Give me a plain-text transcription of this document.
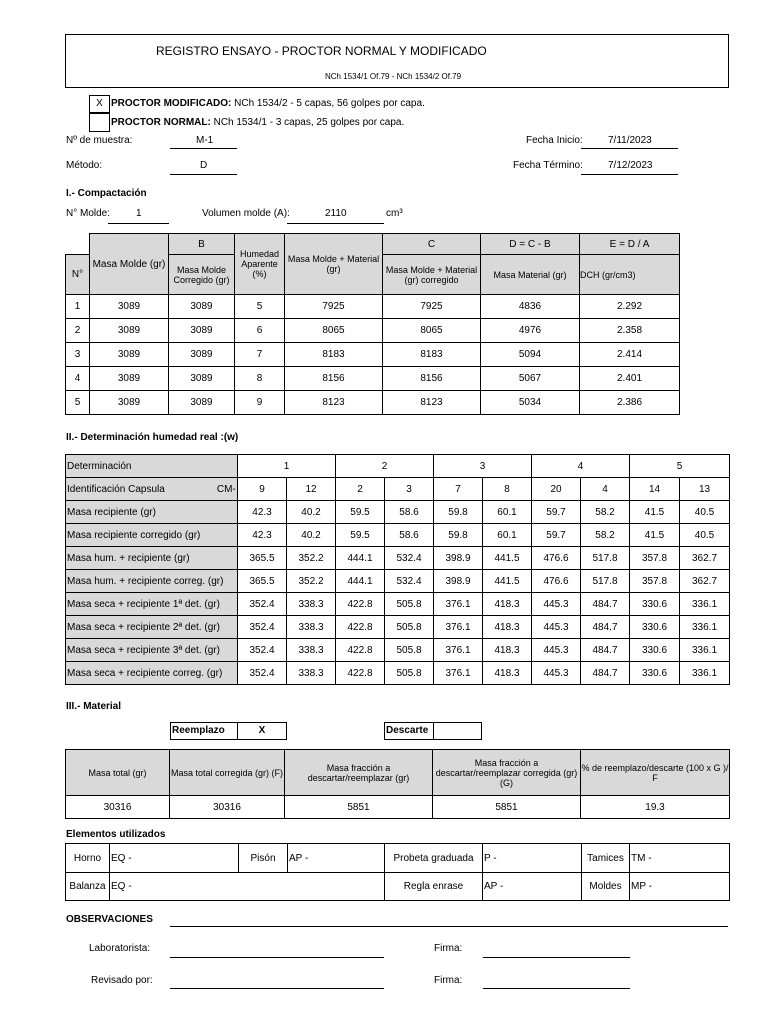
REGISTRO ENSAYO - PROCTOR NORMAL Y MODIFICADO
NCh 1534/1 Of.79 - NCh 1534/2 Of.79
X PROCTOR MODIFICADO: NCh 1534/2 - 5 capas, 56 golpes por capa.
PROCTOR NORMAL: NCh 1534/1 - 3 capas, 25 golpes por capa.
Nº de muestra:	M-1
Método:	D
Fecha Inicio:	7/11/2023
Fecha Término:	7/12/2023
I.- Compactación
N° Molde:	1	Volumen molde (A):	2110	cm³
	Masa Molde (gr)	B	Humedad Aparente (%)	Masa Molde + Material (gr)	C	D = C - B	E = D / A
N°		Masa Molde Corregido (gr)			Masa Molde + Material (gr) corregido	Masa Material (gr)	DCH (gr/cm3)
1	3089	3089	5	7925	7925	4836	2.292
2	3089	3089	6	8065	8065	4976	2.358
3	3089	3089	7	8183	8183	5094	2.414
4	3089	3089	8	8156	8156	5067	2.401
5	3089	3089	9	8123	8123	5034	2.386
II.- Determinación humedad real :(w)
Determinación	1		2		3		4		5	
Identificación Capsula CM-	9	12	2	3	7	8	20	4	14	13
Masa recipiente (gr)	42.3	40.2	59.5	58.6	59.8	60.1	59.7	58.2	41.5	40.5
Masa recipiente corregido (gr)	42.3	40.2	59.5	58.6	59.8	60.1	59.7	58.2	41.5	40.5
Masa hum. + recipiente (gr)	365.5	352.2	444.1	532.4	398.9	441.5	476.6	517.8	357.8	362.7
Masa hum. + recipiente correg. (gr)	365.5	352.2	444.1	532.4	398.9	441.5	476.6	517.8	357.8	362.7
Masa seca + recipiente 1ª det. (gr)	352.4	338.3	422.8	505.8	376.1	418.3	445.3	484.7	330.6	336.1
Masa seca + recipiente 2ª det. (gr)	352.4	338.3	422.8	505.8	376.1	418.3	445.3	484.7	330.6	336.1
Masa seca + recipiente 3ª det. (gr)	352.4	338.3	422.8	505.8	376.1	418.3	445.3	484.7	330.6	336.1
Masa seca + recipiente correg. (gr)	352.4	338.3	422.8	505.8	376.1	418.3	445.3	484.7	330.6	336.1
III.- Material
Reemplazo	X	Descarte
Masa total (gr)	Masa total corregida (gr) (F)	Masa fracción a descartar/reemplazar (gr)	Masa fracción a descartar/reemplazar corregida (gr) (G)	% de reemplazo/descarte (100 x G )/ F
30316	30316	5851	5851	19.3
Elementos utilizados
Horno	EQ -	Pisón	AP -	Probeta graduada	P -	Tamices	TM -
Balanza	EQ -			Regla enrase	AP -	Moldes	MP -
OBSERVACIONES
Laboratorista:	Firma:
Revisado por:	Firma:
